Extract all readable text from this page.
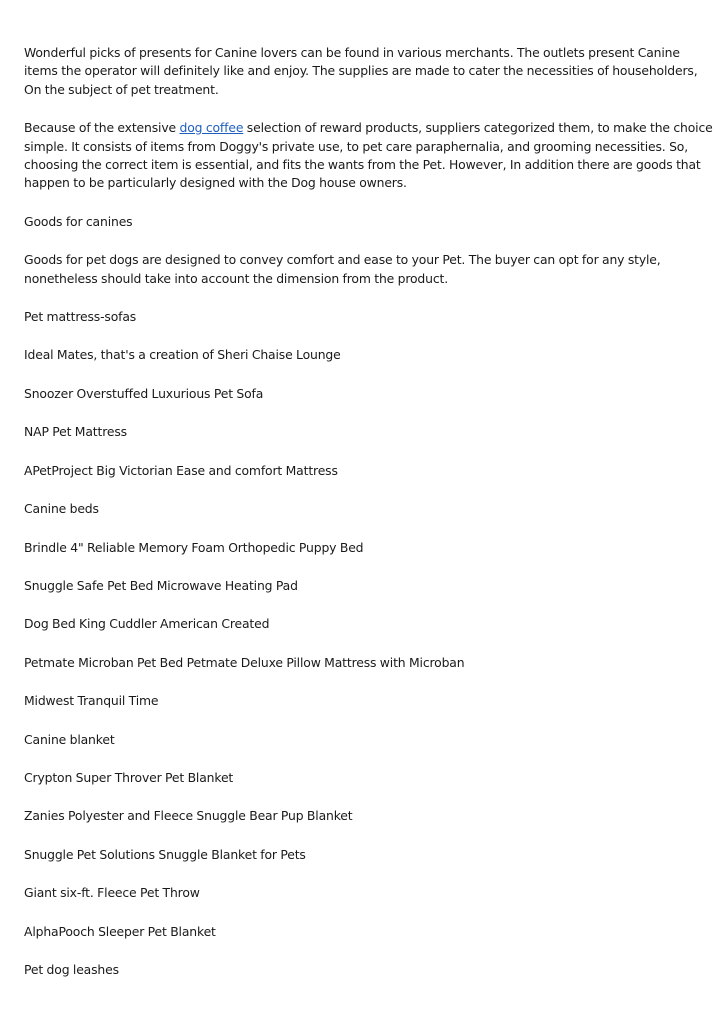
Wonderful picks of presents for Canine lovers can be found in various merchants. The outlets present Canine items the operator will definitely like and enjoy. The supplies are made to cater the necessities of householders, On the subject of pet treatment.

Because of the extensive dog coffee selection of reward products, suppliers categorized them, to make the choice simple. It consists of items from Doggy's private use, to pet care paraphernalia, and grooming necessities. So, choosing the correct item is essential, and fits the wants from the Pet. However, In addition there are goods that happen to be particularly designed with the Dog house owners.

Goods for canines

Goods for pet dogs are designed to convey comfort and ease to your Pet. The buyer can opt for any style, nonetheless should take into account the dimension from the product.

Pet mattress-sofas

Ideal Mates, that's a creation of Sheri Chaise Lounge

Snoozer Overstuffed Luxurious Pet Sofa

NAP Pet Mattress

APetProject Big Victorian Ease and comfort Mattress

Canine beds

Brindle 4" Reliable Memory Foam Orthopedic Puppy Bed

Snuggle Safe Pet Bed Microwave Heating Pad

Dog Bed King Cuddler American Created

Petmate Microban Pet Bed Petmate Deluxe Pillow Mattress with Microban

Midwest Tranquil Time

Canine blanket

Crypton Super Throver Pet Blanket

Zanies Polyester and Fleece Snuggle Bear Pup Blanket

Snuggle Pet Solutions Snuggle Blanket for Pets

Giant six-ft. Fleece Pet Throw

AlphaPooch Sleeper Pet Blanket

Pet dog leashes
